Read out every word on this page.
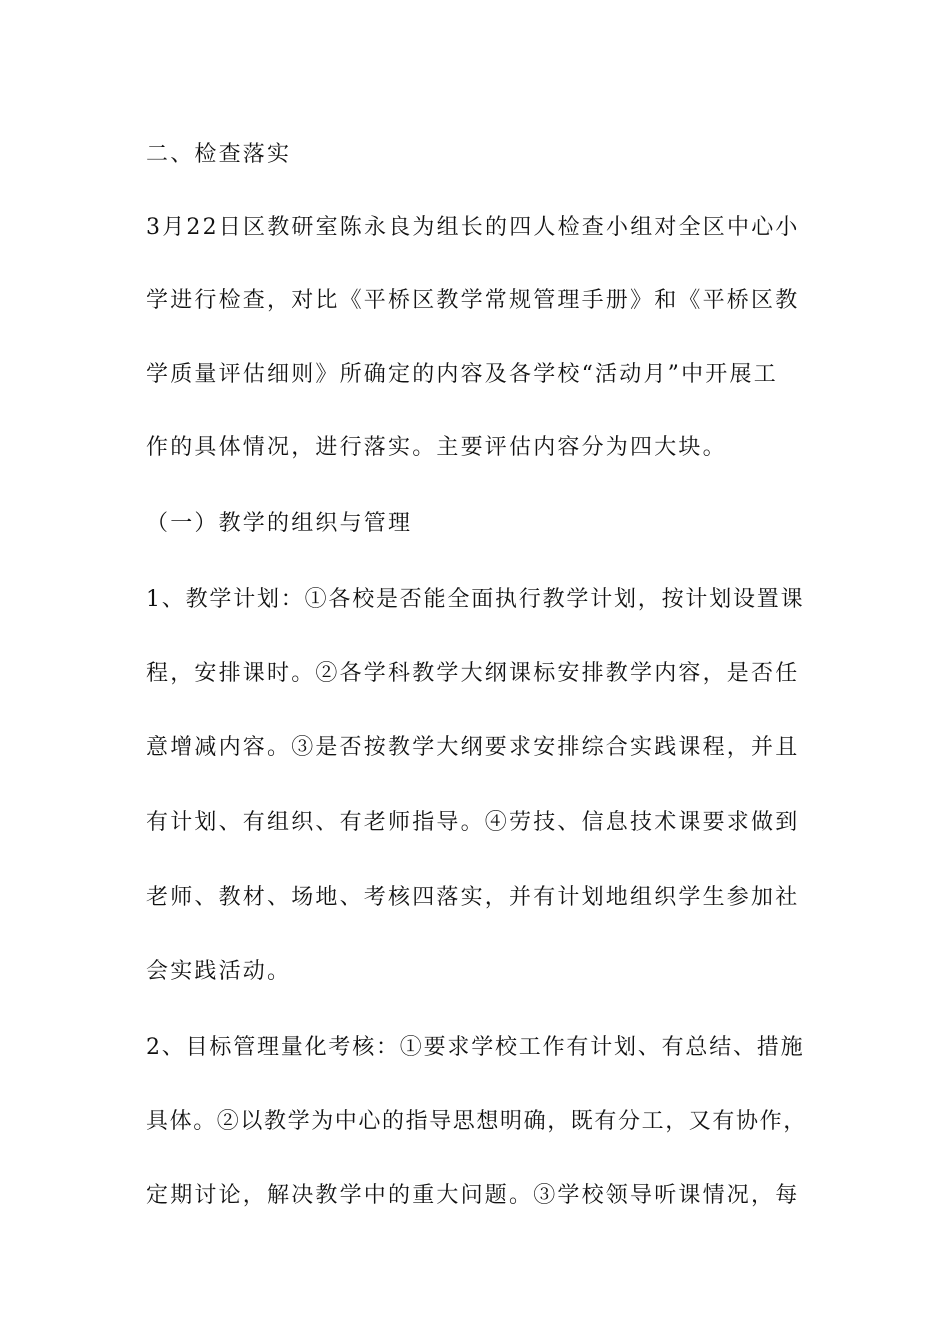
二、检查落实
3月22日区教研室陈永良为组长的四人检查小组对全区中心小
学进行检查，对比《平桥区教学常规管理手册》和《平桥区教
学质量评估细则》所确定的内容及各学校“活动月”中开展工
作的具体情况，进行落实。主要评估内容分为四大块。
（一）教学的组织与管理
1、教学计划：①各校是否能全面执行教学计划，按计划设置课
程，安排课时。②各学科教学大纲课标安排教学内容，是否任
意增减内容。③是否按教学大纲要求安排综合实践课程，并且
有计划、有组织、有老师指导。④劳技、信息技术课要求做到
老师、教材、场地、考核四落实，并有计划地组织学生参加社
会实践活动。
2、目标管理量化考核：①要求学校工作有计划、有总结、措施
具体。②以教学为中心的指导思想明确，既有分工，又有协作，
定期讨论，解决教学中的重大问题。③学校领导听课情况，每
